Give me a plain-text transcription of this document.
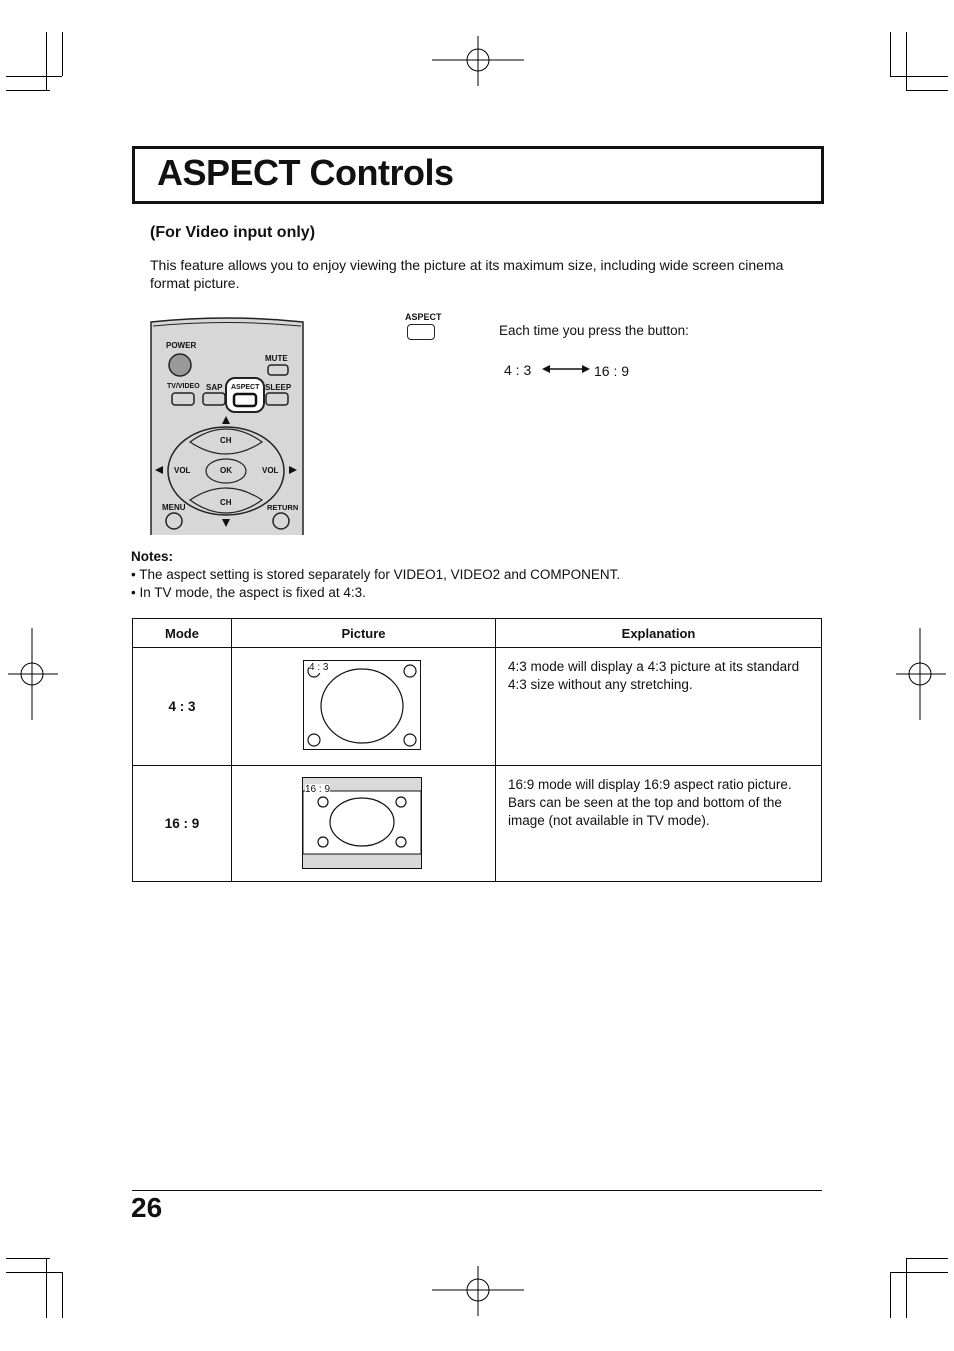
ASPECT Controls
(For Video input only)
This feature allows you to enjoy viewing the picture at its maximum size, including wide screen cinema format picture.
POWER
MUTE
TV/VIDEO SAP ASPECT SLEEP
CH
VOL	OK	VOL
CH
MENU	RETURN
ASPECT
Each time you press the button:
4 : 3	16 : 9
Notes:
• The aspect setting is stored separately for VIDEO1, VIDEO2 and COMPONENT.
• In TV mode, the aspect is fixed at 4:3.
Mode	Picture	Explanation
4 : 3	4 : 3	4:3 mode will display a 4:3 picture at its standard 4:3 size without any stretching.
16 : 9	16 : 9	16:9 mode will display 16:9 aspect ratio picture. Bars can be seen at the top and bottom of the image (not available in TV mode).
26
